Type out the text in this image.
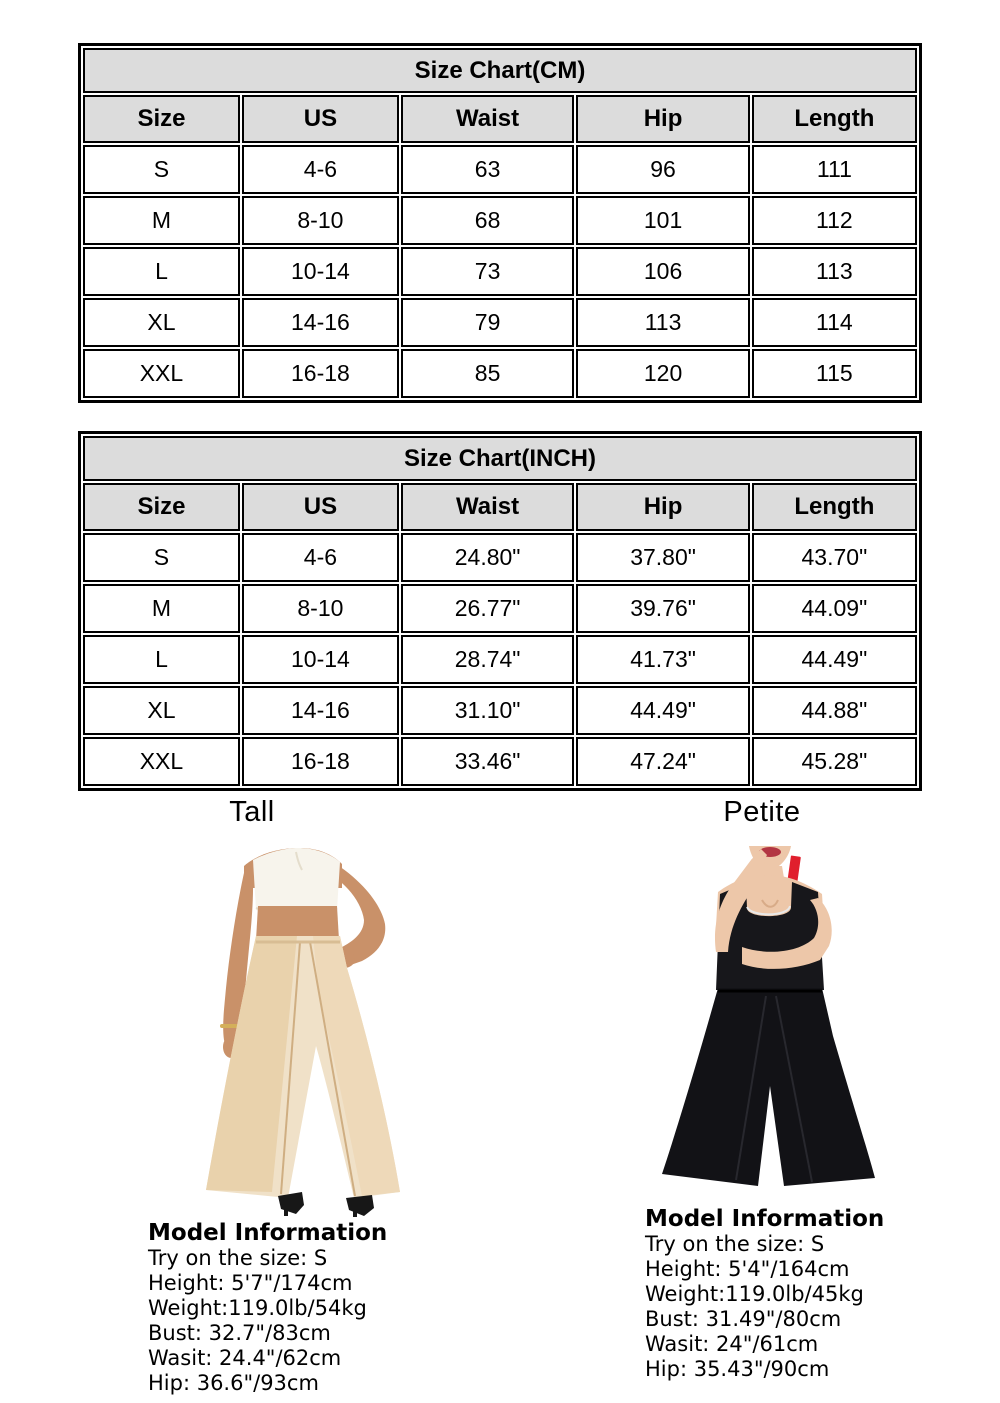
Size Chart(CM)				
Size	US	Waist	Hip	Length
S	4-6	63	96	111
M	8-10	68	101	112
L	10-14	73	106	113
XL	14-16	79	113	114
XXL	16-18	85	120	115
Size Chart(INCH)				
Size	US	Waist	Hip	Length
S	4-6	24.80"	37.80"	43.70"
M	8-10	26.77"	39.76"	44.09"
L	10-14	28.74"	41.73"	44.49"
XL	14-16	31.10"	44.49"	44.88"
XXL	16-18	33.46"	47.24"	45.28"
Tall	Petite
Model Information
Try on the size: S
Height: 5'7"/174cm
Weight:119.0lb/54kg
Bust: 32.7"/83cm
Wasit: 24.4"/62cm
Hip: 36.6"/93cm
Model Information
Try on the size: S
Height: 5'4"/164cm
Weight:119.0lb/45kg
Bust: 31.49"/80cm
Wasit: 24"/61cm
Hip: 35.43"/90cm
